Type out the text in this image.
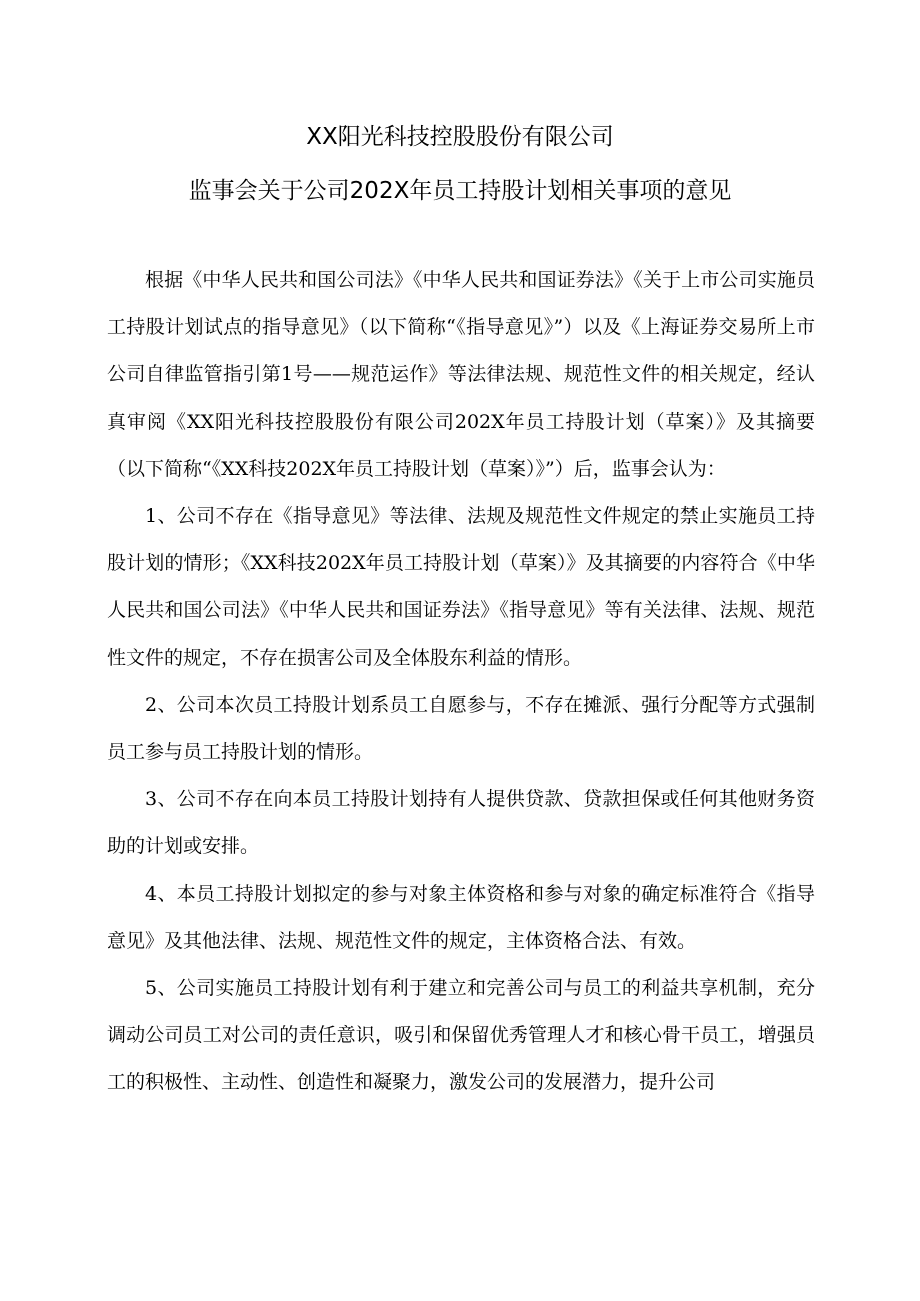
XX阳光科技控股股份有限公司
监事会关于公司202X年员工持股计划相关事项的意见

根据《中华人民共和国公司法》《中华人民共和国证券法》《关于上市公司实施员工持股计划试点的指导意见》（以下简称“《指导意见》”）以及《上海证券交易所上市公司自律监管指引第1号——规范运作》等法律法规、规范性文件的相关规定，经认真审阅《XX阳光科技控股股份有限公司202X年员工持股计划（草案）》及其摘要（以下简称“《XX科技202X年员工持股计划（草案）》”）后，监事会认为：

1、公司不存在《指导意见》等法律、法规及规范性文件规定的禁止实施员工持股计划的情形；《XX科技202X年员工持股计划（草案）》及其摘要的内容符合《中华人民共和国公司法》《中华人民共和国证券法》《指导意见》等有关法律、法规、规范性文件的规定，不存在损害公司及全体股东利益的情形。

2、公司本次员工持股计划系员工自愿参与，不存在摊派、强行分配等方式强制员工参与员工持股计划的情形。

3、公司不存在向本员工持股计划持有人提供贷款、贷款担保或任何其他财务资助的计划或安排。

4、本员工持股计划拟定的参与对象主体资格和参与对象的确定标准符合《指导意见》及其他法律、法规、规范性文件的规定，主体资格合法、有效。

5、公司实施员工持股计划有利于建立和完善公司与员工的利益共享机制，充分调动公司员工对公司的责任意识，吸引和保留优秀管理人才和核心骨干员工，增强员工的积极性、主动性、创造性和凝聚力，激发公司的发展潜力，提升公司
